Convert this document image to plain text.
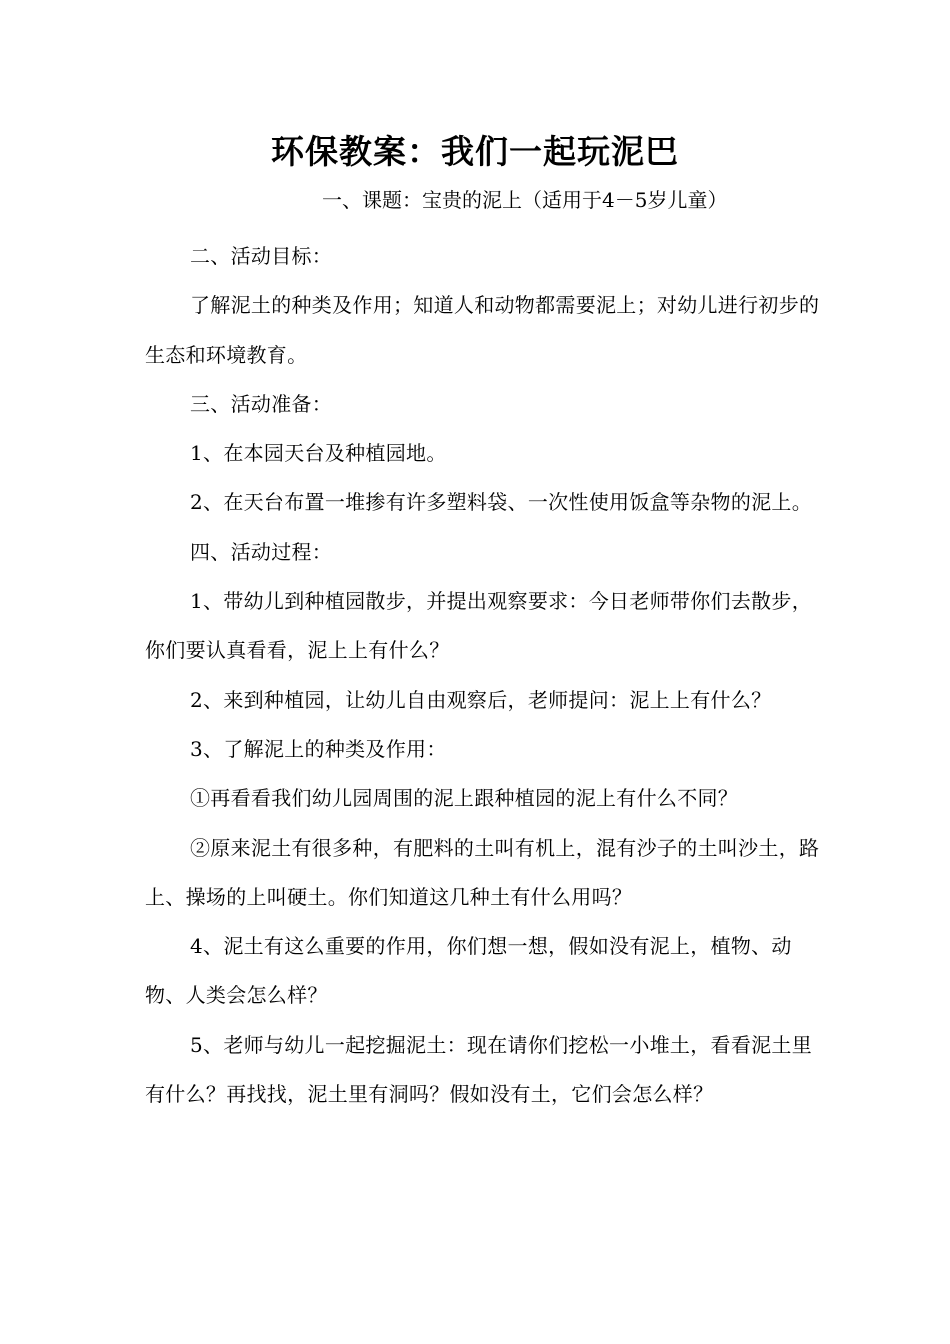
环保教案：我们一起玩泥巴
一、课题：宝贵的泥上（适用于4－5岁儿童）

二、活动目标：

了解泥土的种类及作用；知道人和动物都需要泥上；对幼儿进行初步的生态和环境教育。

三、活动准备：

1、在本园天台及种植园地。

2、在天台布置一堆掺有许多塑料袋、一次性使用饭盒等杂物的泥上。

四、活动过程：

1、带幼儿到种植园散步，并提出观察要求：今日老师带你们去散步，你们要认真看看，泥上上有什么？

2、来到种植园，让幼儿自由观察后，老师提问：泥上上有什么？

3、了解泥上的种类及作用：

①再看看我们幼儿园周围的泥上跟种植园的泥上有什么不同？

②原来泥土有很多种，有肥料的土叫有机上，混有沙子的土叫沙土，路上、操场的上叫硬土。你们知道这几种土有什么用吗？

4、泥土有这么重要的作用，你们想一想，假如没有泥上，植物、动物、人类会怎么样？

5、老师与幼儿一起挖掘泥土：现在请你们挖松一小堆土，看看泥土里有什么？再找找，泥土里有洞吗？假如没有土，它们会怎么样？
